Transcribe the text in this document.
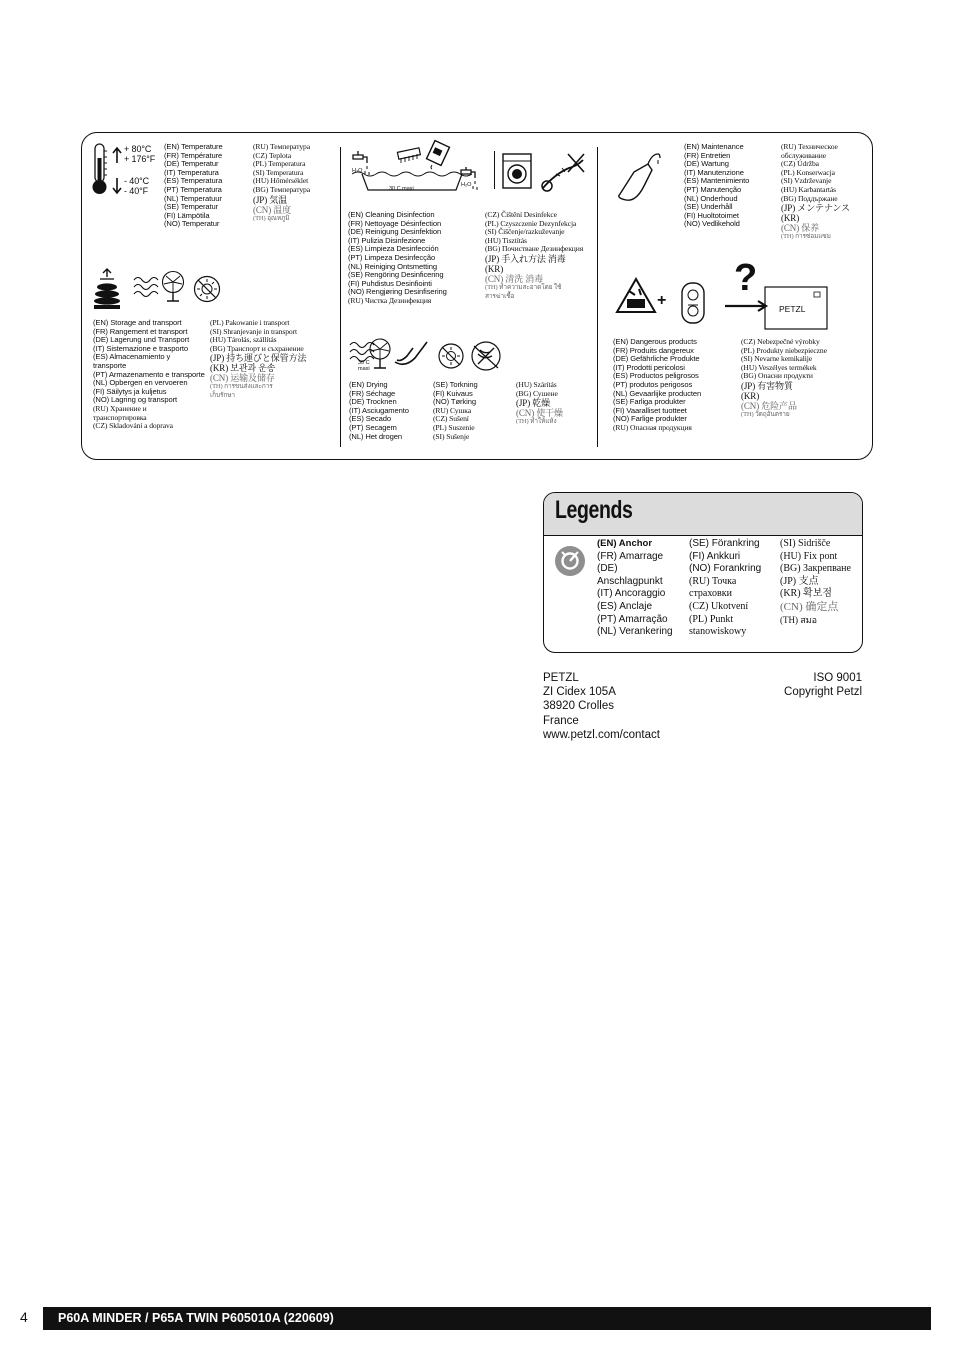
+ 80°C
+ 176°F
- 40°C
- 40°F
(EN) Temperature
(FR) Température
(DE) Temperatur
(IT) Temperatura
(ES) Temperatura
(PT) Temperatura
(NL) Temperatuur
(SE) Temperatur
(FI) Lämpötila
(NO) Temperatur
(RU) Температура
(CZ) Teplota
(PL) Temperatura
(SI) Temperatura
(HU) Hőmérséklet
(BG) Температура
(JP) 気温
(CN) 温度
(TH) อุณหภูมิ
(EN) Storage and transport
(FR) Rangement et transport
(DE) Lagerung und Transport
(IT) Sistemazione e trasporto
(ES) Almacenamiento y
transporte
(PT) Armazenamento e transporte
(NL) Opbergen en vervoeren
(FI) Säilytys ja kuljetus
(NO) Lagring og transport
(RU) Хранение и
транспортировка
(CZ) Skladování a doprava
(PL) Pakowanie i transport
(SI) Shranjevanje in transport
(HU) Tárolás, szállítás
(BG) Транспорт и съхранение
(JP) 持ち運びと保管方法
(KR) 보관과 운송
(CN) 运输及储存
(TH) การขนส่งและการ
เก็บรักษา
H₂O
30 C maxi
H₂O
(EN) Cleaning Disinfection
(FR) Nettoyage Désinfection
(DE) Reinigung Desinfektion
(IT) Pulizia Disinfezione
(ES) Limpieza Desinfección
(PT) Limpeza Desinfecção
(NL) Reiniging Ontsmetting
(SE) Rengöring Desinficering
(FI) Puhdistus Desinfiointi
(NO) Rengjøring Desinfisering
(RU) Чистка Дезинфекция
(CZ) Čištění Desinfekce
(PL) Czyszczenie Dezynfekcja
(SI) Čiščenje/razkuževanje
(HU) Tisztítás
(BG) Почистване Дезинфекция
(JP) 手入れ方法 消毒
(KR)
(CN) 清洗 消毒
(TH) ทำความสะอาดโดย ใช้
สารฆ่าเชื้อ
30 C maxi
(EN) Drying
(FR) Séchage
(DE) Trocknen
(IT) Asciugamento
(ES) Secado
(PT) Secagem
(NL) Het drogen
(SE) Torkning
(FI) Kuivaus
(NO) Tørking
(RU) Сушка
(CZ) Sušení
(PL) Suszenie
(SI) Sušenje
(HU) Szárítás
(BG) Сушене
(JP) 乾燥
(CN) 使干燥
(TH) ทำให้แห้ง
(EN) Maintenance
(FR) Entretien
(DE) Wartung
(IT) Manutenzione
(ES) Mantenimiento
(PT) Manutenção
(NL) Onderhoud
(SE) Underhåll
(FI) Huoltotoimet
(NO) Vedlikehold
(RU) Техническое
обслуживание
(CZ) Údržba
(PL) Konserwacja
(SI) Vzdrževanje
(HU) Karbantartás
(BG) Поддържане
(JP) メンテナンス
(KR)
(CN) 保养
(TH) การซ่อมแซม
+
?
PETZL
(EN) Dangerous products
(FR) Produits dangereux
(DE) Gefährliche Produkte
(IT) Prodotti pericolosi
(ES) Productos peligrosos
(PT) produtos perigosos
(NL) Gevaarlijke producten
(SE) Farliga produkter
(FI) Vaaralliset tuotteet
(NO) Farlige produkter
(RU) Опасная продукция
(CZ) Nebezpečné výrobky
(PL) Produkty niebezpieczne
(SI) Nevarne kemikalije
(HU) Veszélyes termékek
(BG) Опасни продукти
(JP) 有害物質
(KR)
(CN) 危险产品
(TH) วัตถุอันตราย
Legends
(EN) Anchor
(FR) Amarrage
(DE)
Anschlagpunkt
(IT) Ancoraggio
(ES) Anclaje
(PT) Amarração
(NL) Verankering
(SE) Förankring
(FI) Ankkuri
(NO) Forankring
(RU) Точка
страховки
(CZ) Ukotvení
(PL) Punkt
stanowiskowy
(SI) Sidrišče
(HU) Fix pont
(BG) Закрепване
(JP) 支点
(KR) 확보점
(CN) 确定点
(TH) สมอ
PETZL
ZI Cidex 105A
38920 Crolles
France
www.petzl.com/contact
ISO 9001
Copyright Petzl
4 P60A MINDER / P65A TWIN P605010A (220609)
